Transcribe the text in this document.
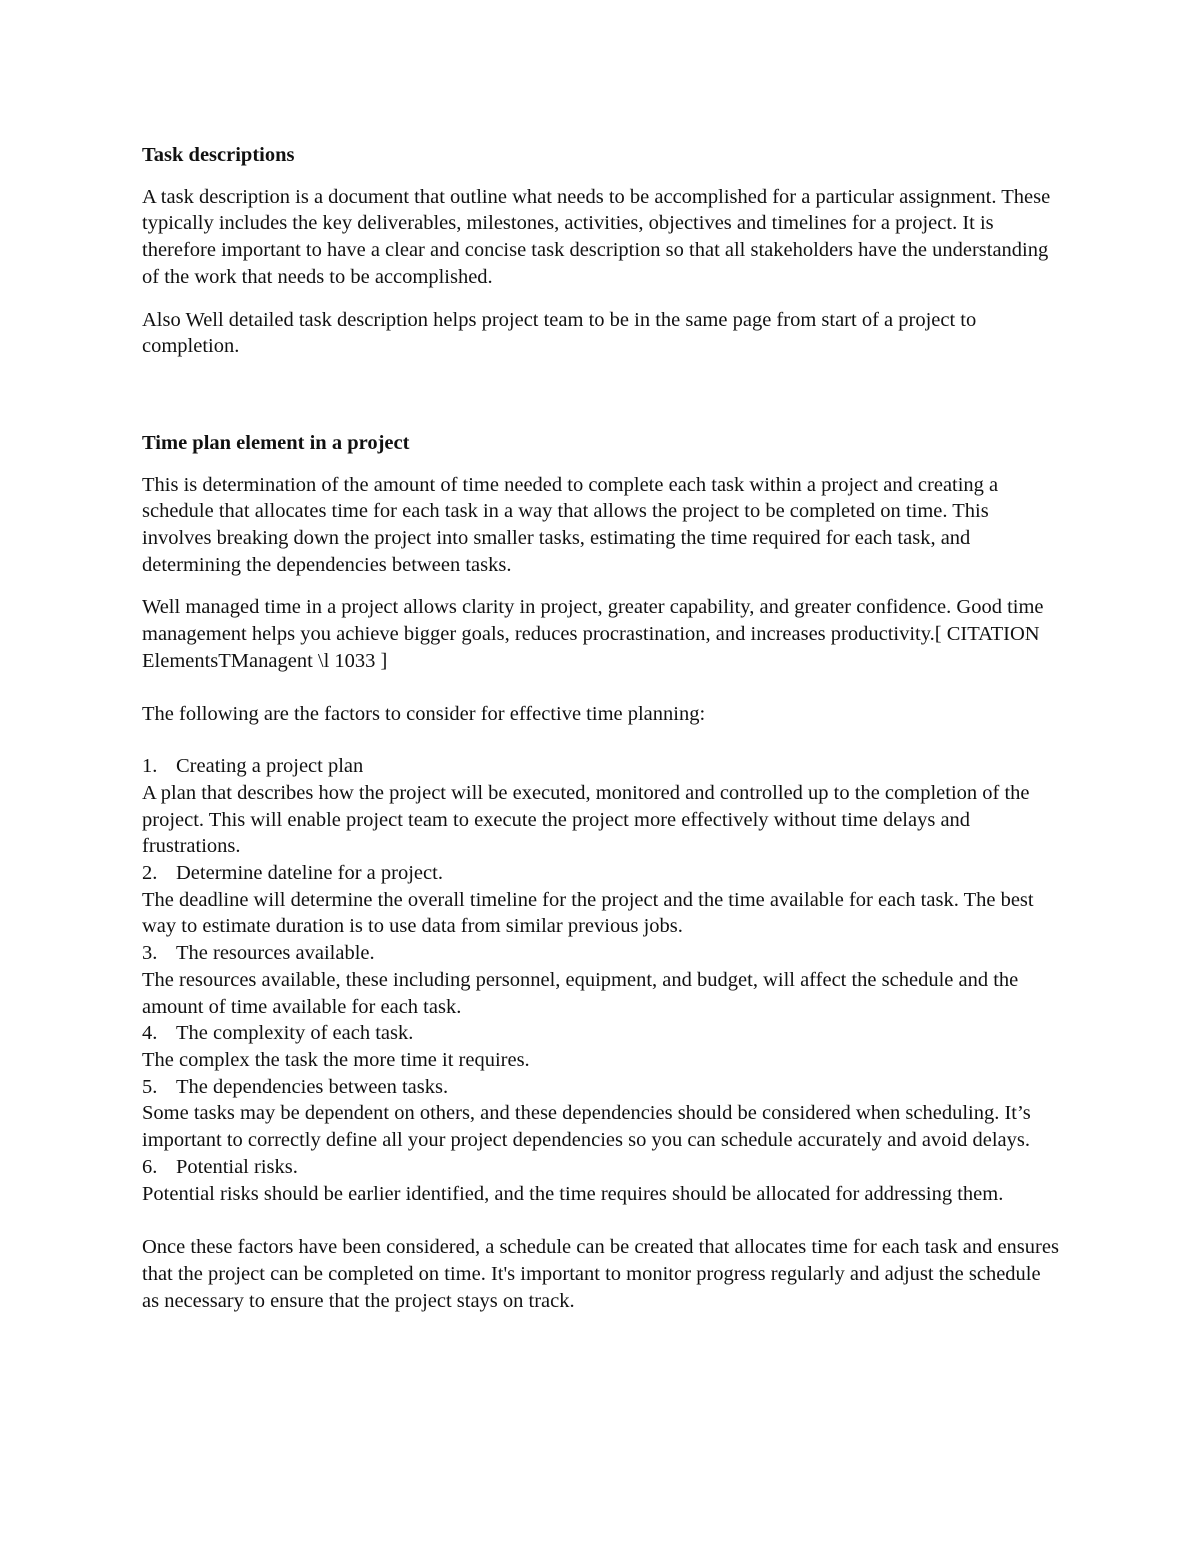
Task descriptions

A task description is a document that outline what needs to be accomplished for a particular assignment. These typically includes the key deliverables, milestones, activities, objectives and timelines for a project. It is therefore important to have a clear and concise task description so that all stakeholders have the understanding of the work that needs to be accomplished.

Also Well detailed task description helps project team to be in the same page from start of a project to completion.

Time plan element in a project

This is determination of the amount of time needed to complete each task within a project and creating a schedule that allocates time for each task in a way that allows the project to be completed on time. This involves breaking down the project into smaller tasks, estimating the time required for each task, and determining the dependencies between tasks.

Well managed time in a project allows clarity in project, greater capability, and greater confidence. Good time management helps you achieve bigger goals, reduces procrastination, and increases productivity.[ CITATION ElementsTManagent \l 1033 ]

The following are the factors to consider for effective time planning:

1. Creating a project plan
A plan that describes how the project will be executed, monitored and controlled up to the completion of the project. This will enable project team to execute the project more effectively without time delays and frustrations.
2. Determine dateline for a project.
The deadline will determine the overall timeline for the project and the time available for each task. The best way to estimate duration is to use data from similar previous jobs.
3. The resources available.
The resources available, these including personnel, equipment, and budget, will affect the schedule and the amount of time available for each task.
4. The complexity of each task.
The complex the task the more time it requires.
5. The dependencies between tasks.
Some tasks may be dependent on others, and these dependencies should be considered when scheduling. It’s important to correctly define all your project dependencies so you can schedule accurately and avoid delays.
6. Potential risks.
Potential risks should be earlier identified, and the time requires should be allocated for addressing them.

Once these factors have been considered, a schedule can be created that allocates time for each task and ensures that the project can be completed on time. It's important to monitor progress regularly and adjust the schedule as necessary to ensure that the project stays on track.
